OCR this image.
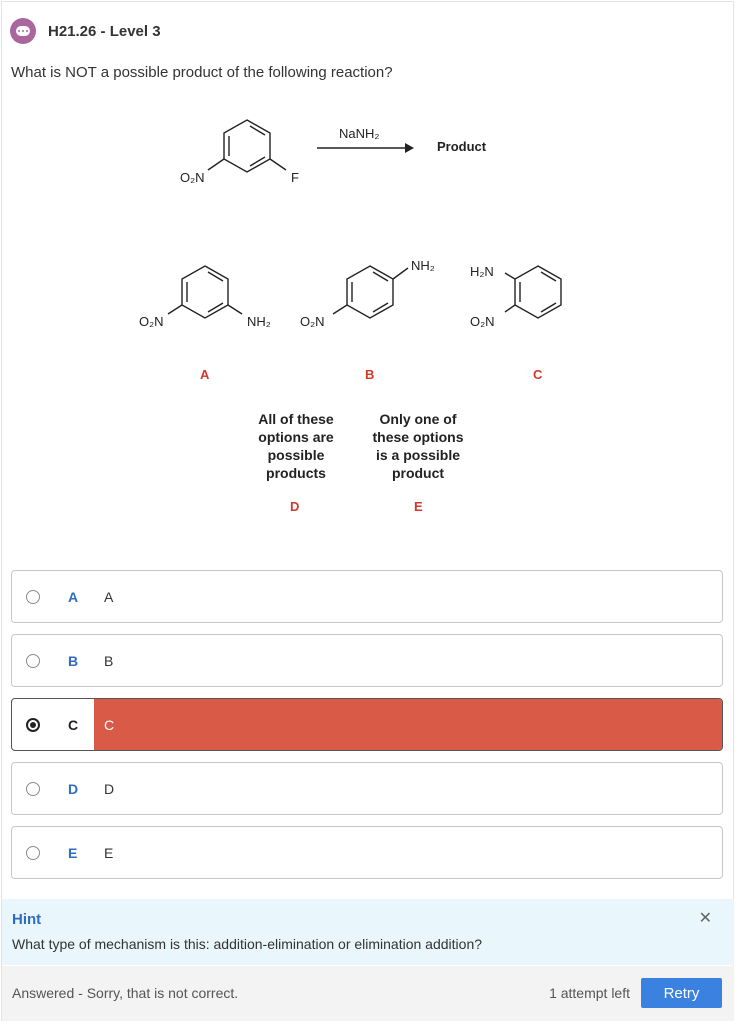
H21.26 - Level 3
What is NOT a possible product of the following reaction?
O₂N	F
NaNH₂
Product
O₂N	NH₂ O₂N
NH₂	H₂N
O₂N
A	B	C
D	E
All of these
options are
possible
products
Only one of
these options
is a possible
product
A A
B B
C C
D D
E E
Hint
What type of mechanism is this: addition-elimination or elimination addition?
✕
Answered - Sorry, that is not correct.	1 attempt left	Retry
